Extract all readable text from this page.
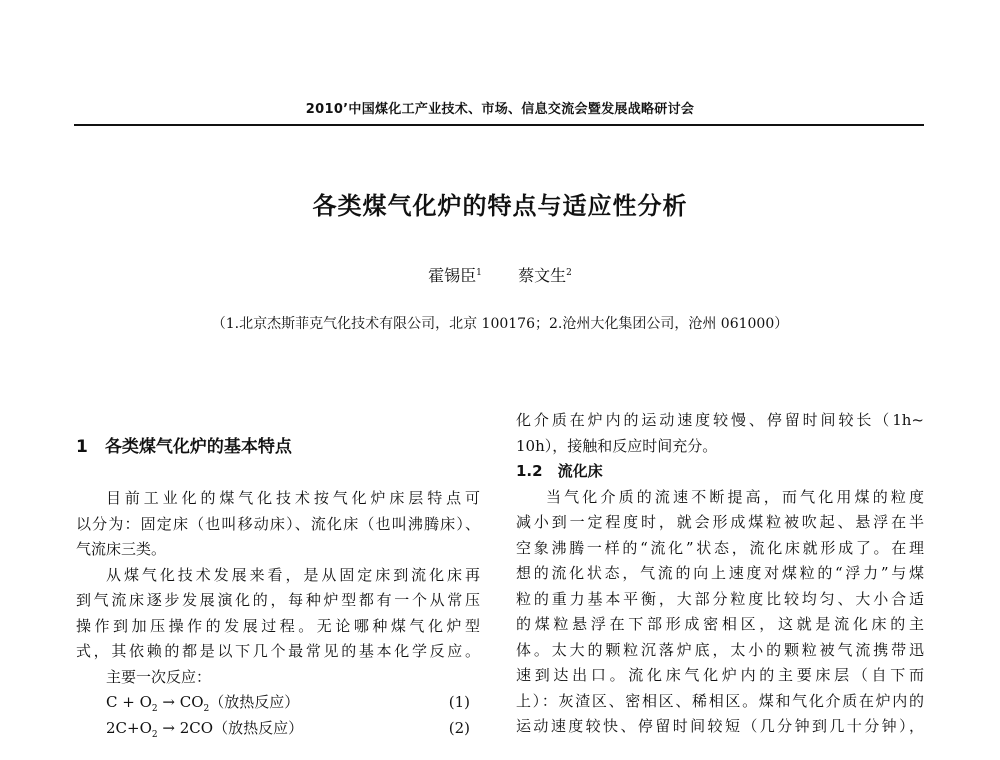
2010’中国煤化工产业技术、市场、信息交流会暨发展战略研讨会
各类煤气化炉的特点与适应性分析
霍锡臣$^1$ 蔡文生$^2$
（1.北京杰斯菲克气化技术有限公司，北京 100176；2.沧州大化集团公司，沧州 061000）
1　各类煤气化炉的基本特点
目前工业化的煤气化技术按气化炉床层特点可
以分为：固定床（也叫移动床）、流化床（也叫沸腾床）、
气流床三类。
从煤气化技术发展来看，是从固定床到流化床再
到气流床逐步发展演化的，每种炉型都有一个从常压
操作到加压操作的发展过程。无论哪种煤气化炉型
式，其依赖的都是以下几个最常见的基本化学反应。
主要一次反应：
$C + O_2 \to CO_2$（放热反应）	(1)
$2C+O_2 \to 2CO$（放热反应）	(2)
化介质在炉内的运动速度较慢、停留时间较长（1h~
10h），接触和反应时间充分。
1.2　流化床
当气化介质的流速不断提高，而气化用煤的粒度
减小到一定程度时，就会形成煤粒被吹起、悬浮在半
空象沸腾一样的“流化”状态，流化床就形成了。在理
想的流化状态，气流的向上速度对煤粒的“浮力”与煤
粒的重力基本平衡，大部分粒度比较均匀、大小合适
的煤粒悬浮在下部形成密相区，这就是流化床的主
体。太大的颗粒沉落炉底，太小的颗粒被气流携带迅
速到达出口。流化床气化炉内的主要床层（自下而
上）：灰渣区、密相区、稀相区。煤和气化介质在炉内的
运动速度较快、停留时间较短（几分钟到几十分钟），
